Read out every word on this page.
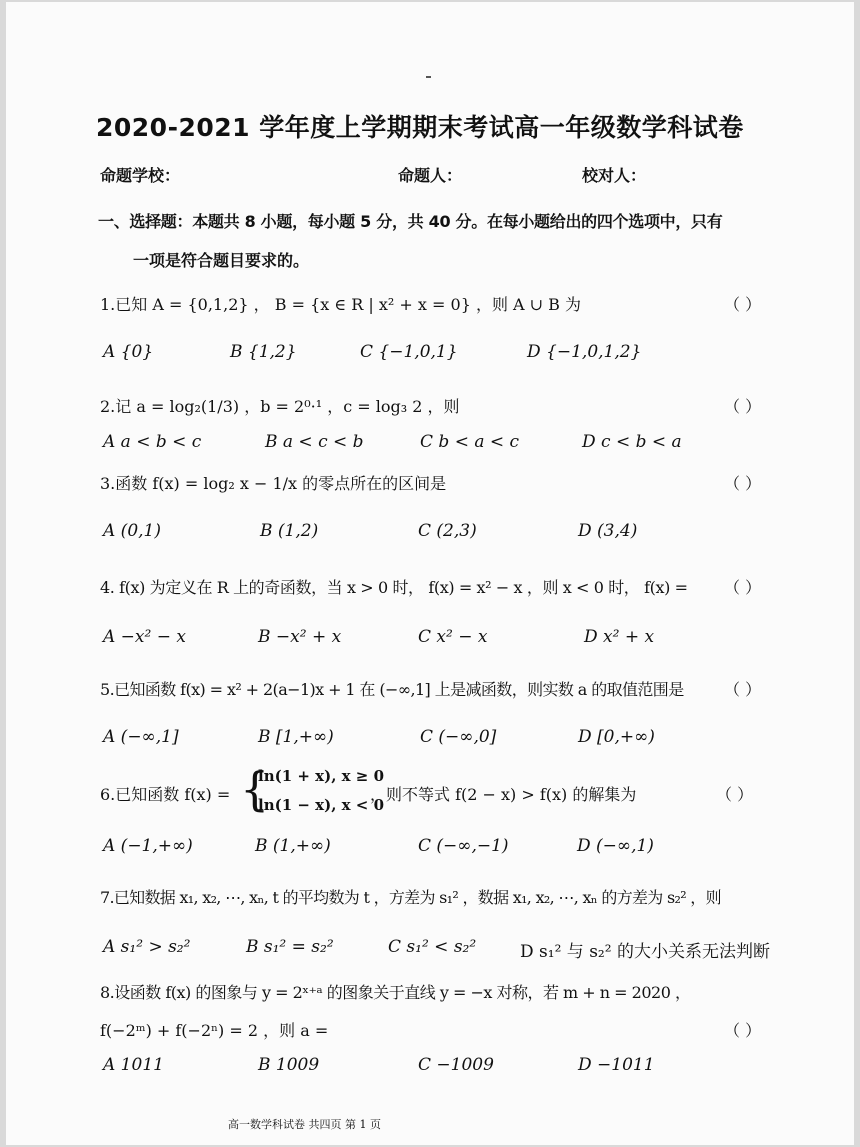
2020-2021 学年度上学期期末考试高一年级数学科试卷
命题学校：	命题人：	校对人：
一、选择题：本题共 8 小题，每小题 5 分，共 40 分。在每小题给出的四个选项中，只有
一项是符合题目要求的。
1.已知 A = {0,1,2} ， B = {x ∈ R | x² + x = 0} ，则 A ∪ B 为	（ ）
A {0}	B {1,2}	C {−1,0,1}	D {−1,0,1,2}
2.记 a = log₂(1/3) ，b = 2⁰·¹ ，c = log₃ 2 ，则	（ ）
A a < b < c	B a < c < b	C b < a < c	D c < b < a
3.函数 f(x) = log₂ x − 1/x 的零点所在的区间是	（ ）
A (0,1)	B (1,2)	C (2,3)	D (3,4)
4. f(x) 为定义在 R 上的奇函数，当 x > 0 时， f(x) = x² − x ，则 x < 0 时， f(x) = （ ）
A −x² − x	B −x² + x	C x² − x	D x² + x
5.已知函数 f(x) = x² + 2(a−1)x + 1 在 (−∞,1] 上是减函数，则实数 a 的取值范围是	（ ）
A (−∞,1]	B [1,+∞)	C (−∞,0]	D [0,+∞)
6.已知函数 f(x) = {
ln(1 + x), x ≥ 0
ln(1 − x), x < 0
，则不等式 f(2 − x) > f(x) 的解集为	（ ）
A (−1,+∞)	B (1,+∞)	C (−∞,−1)	D (−∞,1)
7.已知数据 x₁, x₂, ⋯, xₙ, t 的平均数为 t ，方差为 s₁² ，数据 x₁, x₂, ⋯, xₙ 的方差为 s₂² ，则
A s₁² > s₂²	B s₁² = s₂²	C s₁² < s₂²	D s₁² 与 s₂² 的大小关系无法判断
8.设函数 f(x) 的图象与 y = 2ˣ⁺ᵃ 的图象关于直线 y = −x 对称，若 m + n = 2020 ，
f(−2ᵐ) + f(−2ⁿ) = 2 ，则 a =	（ ）
A 1011	B 1009	C −1009	D −1011
高一数学科试卷 共四页 第 1 页
